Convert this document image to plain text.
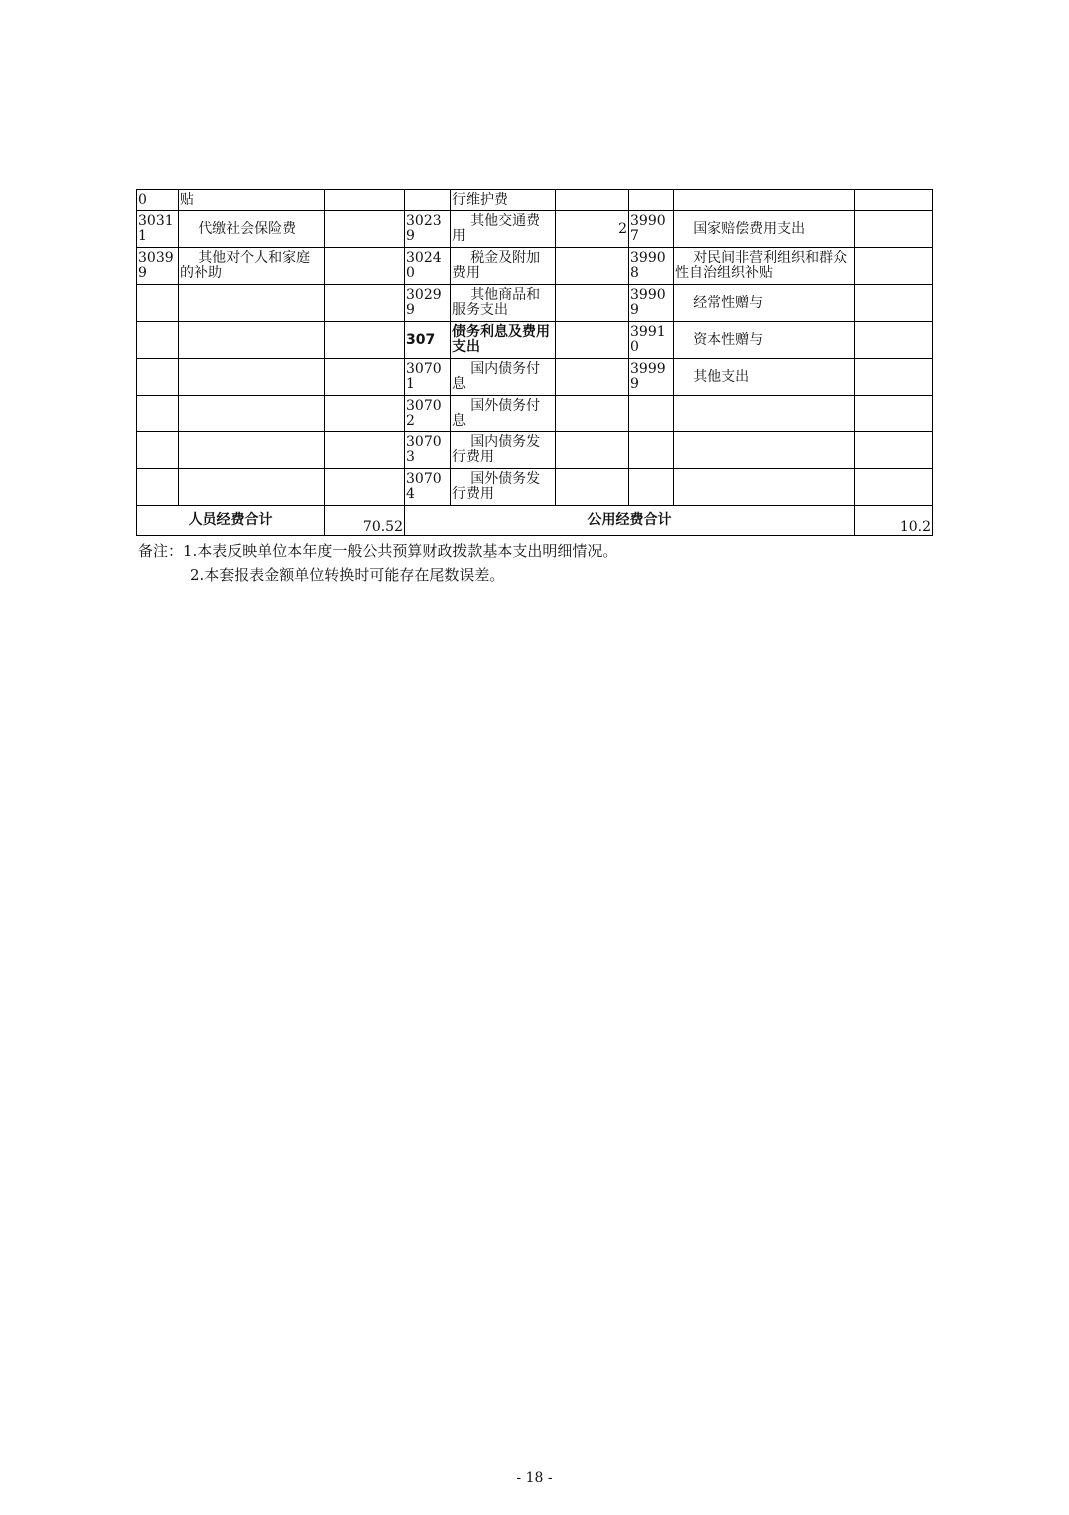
0	贴			行维护费				
30311	代缴社会保险费		30239	其他交通费用	2	39907	国家赔偿费用支出	
30399	其他对个人和家庭的补助		30240	税金及附加费用		39908	对民间非营利组织和群众性自治组织补贴	
			30299	其他商品和服务支出		39909	经常性赠与	
			307	债务利息及费用支出		39910	资本性赠与	
			30701	国内债务付息		39999	其他支出	
			30702	国外债务付息				
			30703	国内债务发行费用				
			30704	国外债务发行费用				
人员经费合计		70.52	公用经费合计					10.2
备注：1.本表反映单位本年度一般公共预算财政拨款基本支出明细情况。
2.本套报表金额单位转换时可能存在尾数误差。
- 18 -
